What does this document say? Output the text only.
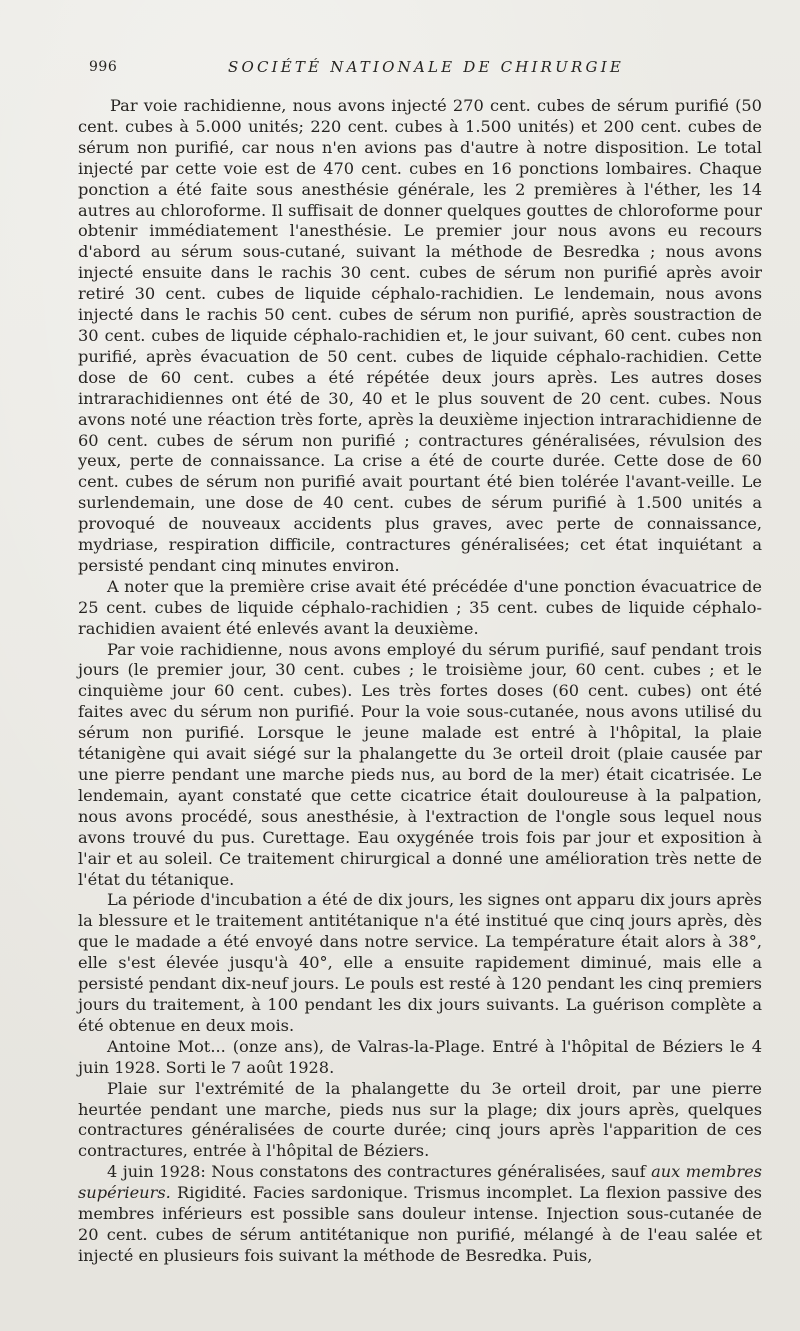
996	SOCIÉTÉ NATIONALE DE CHIRURGIE

Par voie rachidienne, nous avons injecté 270 cent. cubes de sérum purifié (50 cent. cubes à 5.000 unités; 220 cent. cubes à 1.500 unités) et 200 cent. cubes de sérum non purifié, car nous n'en avions pas d'autre à notre disposition. Le total injecté par cette voie est de 470 cent. cubes en 16 ponctions lombaires. Chaque ponction a été faite sous anesthésie générale, les 2 premières à l'éther, les 14 autres au chloroforme. Il suffisait de donner quelques gouttes de chloroforme pour obtenir immédiatement l'anesthésie. Le premier jour nous avons eu recours d'abord au sérum sous-cutané, suivant la méthode de Besredka ; nous avons injecté ensuite dans le rachis 30 cent. cubes de sérum non purifié après avoir retiré 30 cent. cubes de liquide céphalo-rachidien. Le lendemain, nous avons injecté dans le rachis 50 cent. cubes de sérum non purifié, après soustraction de 30 cent. cubes de liquide céphalo-rachidien et, le jour suivant, 60 cent. cubes non purifié, après évacuation de 50 cent. cubes de liquide céphalo-rachidien. Cette dose de 60 cent. cubes a été répétée deux jours après. Les autres doses intrarachidiennes ont été de 30, 40 et le plus souvent de 20 cent. cubes. Nous avons noté une réaction très forte, après la deuxième injection intrarachidienne de 60 cent. cubes de sérum non purifié ; contractures généralisées, révulsion des yeux, perte de connaissance. La crise a été de courte durée. Cette dose de 60 cent. cubes de sérum non purifié avait pourtant été bien tolérée l'avant-veille. Le surlendemain, une dose de 40 cent. cubes de sérum purifié à 1.500 unités a provoqué de nouveaux accidents plus graves, avec perte de connaissance, mydriase, respiration difficile, contractures généralisées; cet état inquiétant a persisté pendant cinq minutes environ.

A noter que la première crise avait été précédée d'une ponction évacuatrice de 25 cent. cubes de liquide céphalo-rachidien ; 35 cent. cubes de liquide céphalo-rachidien avaient été enlevés avant la deuxième.

Par voie rachidienne, nous avons employé du sérum purifié, sauf pendant trois jours (le premier jour, 30 cent. cubes ; le troisième jour, 60 cent. cubes ; et le cinquième jour 60 cent. cubes). Les très fortes doses (60 cent. cubes) ont été faites avec du sérum non purifié. Pour la voie sous-cutanée, nous avons utilisé du sérum non purifié. Lorsque le jeune malade est entré à l'hôpital, la plaie tétanigène qui avait siégé sur la phalangette du 3e orteil droit (plaie causée par une pierre pendant une marche pieds nus, au bord de la mer) était cicatrisée. Le lendemain, ayant constaté que cette cicatrice était douloureuse à la palpation, nous avons procédé, sous anesthésie, à l'extraction de l'ongle sous lequel nous avons trouvé du pus. Curettage. Eau oxygénée trois fois par jour et exposition à l'air et au soleil. Ce traitement chirurgical a donné une amélioration très nette de l'état du tétanique.

La période d'incubation a été de dix jours, les signes ont apparu dix jours après la blessure et le traitement antitétanique n'a été institué que cinq jours après, dès que le madade a été envoyé dans notre service. La température était alors à 38°, elle s'est élevée jusqu'à 40°, elle a ensuite rapidement diminué, mais elle a persisté pendant dix-neuf jours. Le pouls est resté à 120 pendant les cinq premiers jours du traitement, à 100 pendant les dix jours suivants. La guérison complète a été obtenue en deux mois.

Antoine Mot... (onze ans), de Valras-la-Plage. Entré à l'hôpital de Béziers le 4 juin 1928. Sorti le 7 août 1928.

Plaie sur l'extrémité de la phalangette du 3e orteil droit, par une pierre heurtée pendant une marche, pieds nus sur la plage; dix jours après, quelques contractures généralisées de courte durée; cinq jours après l'apparition de ces contractures, entrée à l'hôpital de Béziers.

4 juin 1928: Nous constatons des contractures généralisées, sauf aux membres supérieurs. Rigidité. Facies sardonique. Trismus incomplet. La flexion passive des membres inférieurs est possible sans douleur intense. Injection sous-cutanée de 20 cent. cubes de sérum antitétanique non purifié, mélangé à de l'eau salée et injecté en plusieurs fois suivant la méthode de Besredka. Puis,
